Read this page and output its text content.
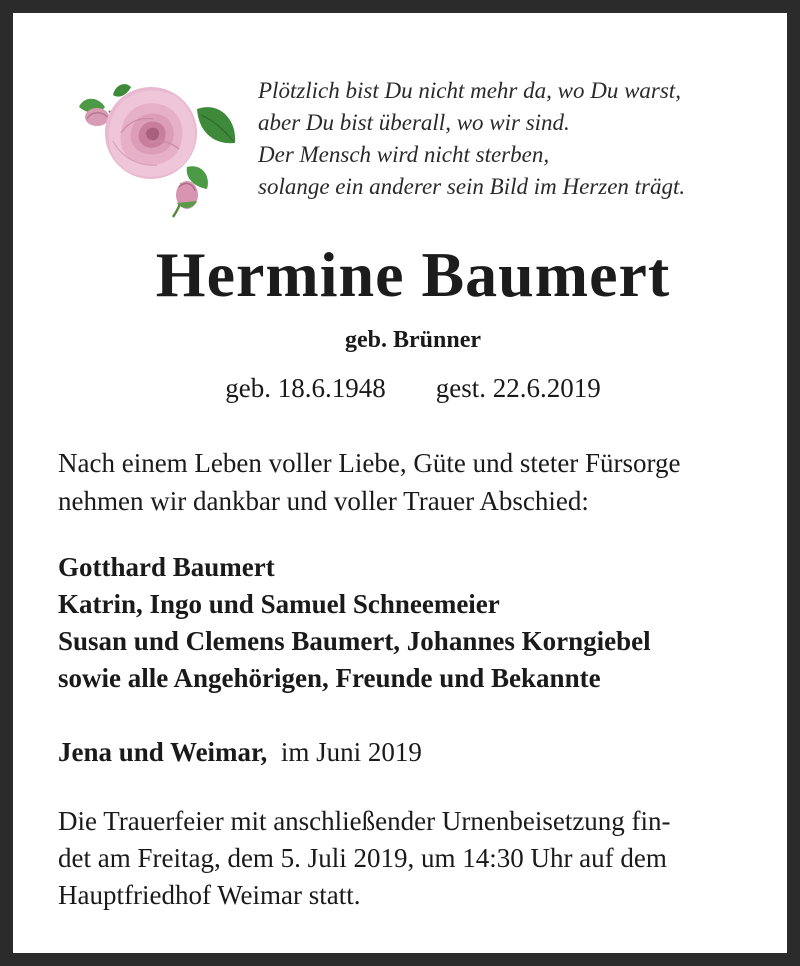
Plötzlich bist Du nicht mehr da, wo Du warst,
aber Du bist überall, wo wir sind.
Der Mensch wird nicht sterben,
solange ein anderer sein Bild im Herzen trägt.
Hermine Baumert
geb. Brünner
geb. 18.6.1948 gest. 22.6.2019
Nach einem Leben voller Liebe, Güte und steter Fürsorge
nehmen wir dankbar und voller Trauer Abschied:
Gotthard Baumert
Katrin, Ingo und Samuel Schneemeier
Susan und Clemens Baumert, Johannes Korngiebel
sowie alle Angehörigen, Freunde und Bekannte
Jena und Weimar, im Juni 2019
Die Trauerfeier mit anschließender Urnenbeisetzung fin-
det am Freitag, dem 5. Juli 2019, um 14:30 Uhr auf dem
Hauptfriedhof Weimar statt.
